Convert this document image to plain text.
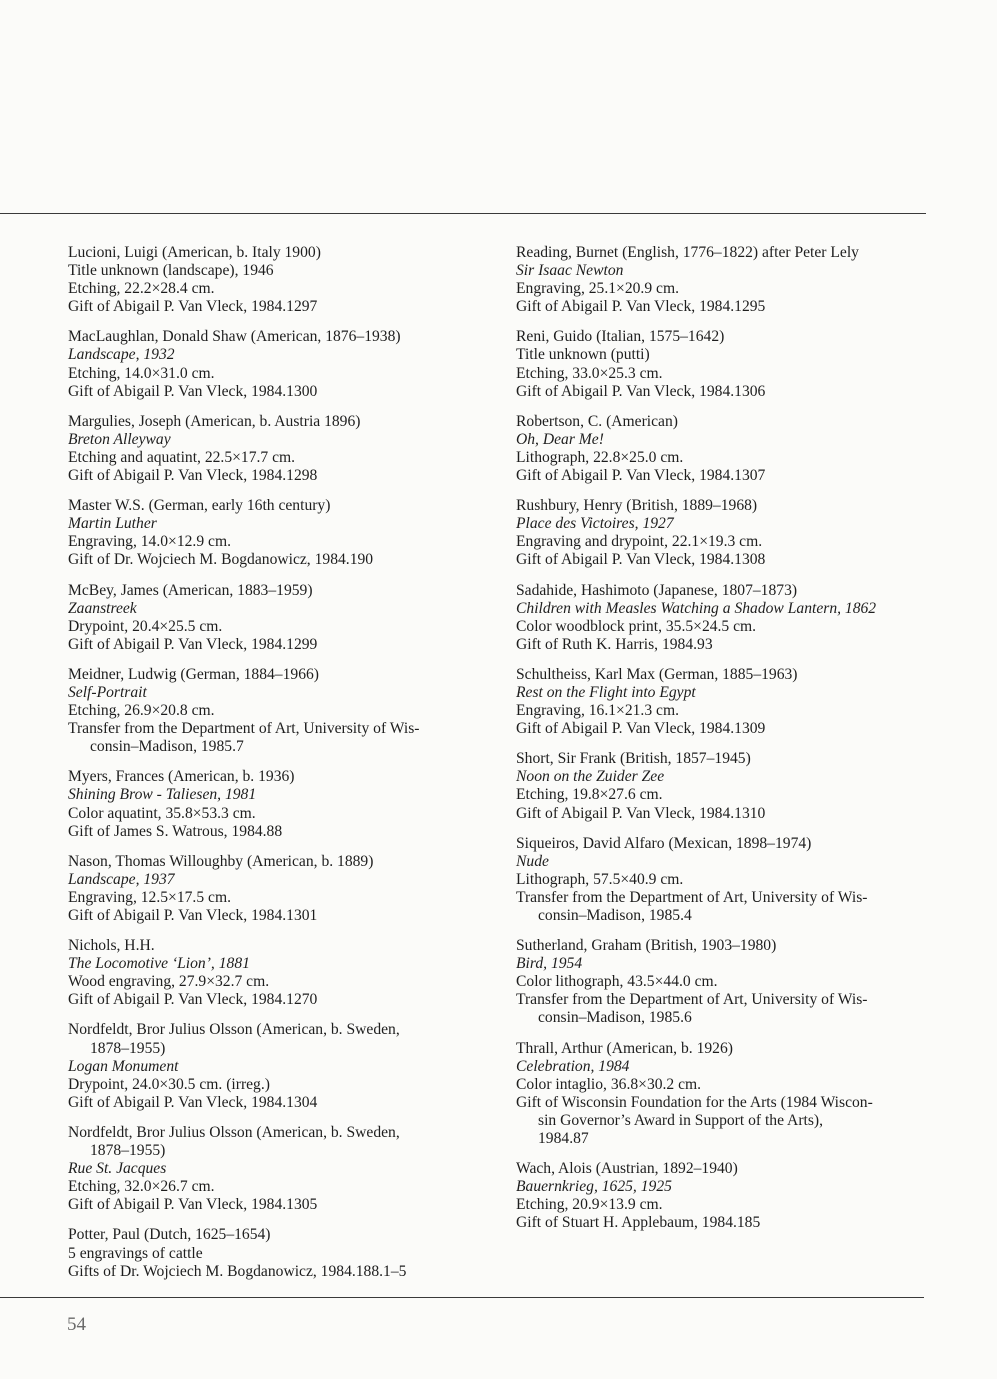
Lucioni, Luigi (American, b. Italy 1900)
Title unknown (landscape), 1946
Etching, 22.2×28.4 cm.
Gift of Abigail P. Van Vleck, 1984.1297
MacLaughlan, Donald Shaw (American, 1876–1938)
Landscape, 1932
Etching, 14.0×31.0 cm.
Gift of Abigail P. Van Vleck, 1984.1300
Margulies, Joseph (American, b. Austria 1896)
Breton Alleyway
Etching and aquatint, 22.5×17.7 cm.
Gift of Abigail P. Van Vleck, 1984.1298
Master W.S. (German, early 16th century)
Martin Luther
Engraving, 14.0×12.9 cm.
Gift of Dr. Wojciech M. Bogdanowicz, 1984.190
McBey, James (American, 1883–1959)
Zaanstreek
Drypoint, 20.4×25.5 cm.
Gift of Abigail P. Van Vleck, 1984.1299
Meidner, Ludwig (German, 1884–1966)
Self-Portrait
Etching, 26.9×20.8 cm.
Transfer from the Department of Art, University of Wis-
consin–Madison, 1985.7
Myers, Frances (American, b. 1936)
Shining Brow - Taliesen, 1981
Color aquatint, 35.8×53.3 cm.
Gift of James S. Watrous, 1984.88
Nason, Thomas Willoughby (American, b. 1889)
Landscape, 1937
Engraving, 12.5×17.5 cm.
Gift of Abigail P. Van Vleck, 1984.1301
Nichols, H.H.
The Locomotive ‘Lion’, 1881
Wood engraving, 27.9×32.7 cm.
Gift of Abigail P. Van Vleck, 1984.1270
Nordfeldt, Bror Julius Olsson (American, b. Sweden,
1878–1955)
Logan Monument
Drypoint, 24.0×30.5 cm. (irreg.)
Gift of Abigail P. Van Vleck, 1984.1304
Nordfeldt, Bror Julius Olsson (American, b. Sweden,
1878–1955)
Rue St. Jacques
Etching, 32.0×26.7 cm.
Gift of Abigail P. Van Vleck, 1984.1305
Potter, Paul (Dutch, 1625–1654)
5 engravings of cattle
Gifts of Dr. Wojciech M. Bogdanowicz, 1984.188.1–5
Reading, Burnet (English, 1776–1822) after Peter Lely
Sir Isaac Newton
Engraving, 25.1×20.9 cm.
Gift of Abigail P. Van Vleck, 1984.1295
Reni, Guido (Italian, 1575–1642)
Title unknown (putti)
Etching, 33.0×25.3 cm.
Gift of Abigail P. Van Vleck, 1984.1306
Robertson, C. (American)
Oh, Dear Me!
Lithograph, 22.8×25.0 cm.
Gift of Abigail P. Van Vleck, 1984.1307
Rushbury, Henry (British, 1889–1968)
Place des Victoires, 1927
Engraving and drypoint, 22.1×19.3 cm.
Gift of Abigail P. Van Vleck, 1984.1308
Sadahide, Hashimoto (Japanese, 1807–1873)
Children with Measles Watching a Shadow Lantern, 1862
Color woodblock print, 35.5×24.5 cm.
Gift of Ruth K. Harris, 1984.93
Schultheiss, Karl Max (German, 1885–1963)
Rest on the Flight into Egypt
Engraving, 16.1×21.3 cm.
Gift of Abigail P. Van Vleck, 1984.1309
Short, Sir Frank (British, 1857–1945)
Noon on the Zuider Zee
Etching, 19.8×27.6 cm.
Gift of Abigail P. Van Vleck, 1984.1310
Siqueiros, David Alfaro (Mexican, 1898–1974)
Nude
Lithograph, 57.5×40.9 cm.
Transfer from the Department of Art, University of Wis-
consin–Madison, 1985.4
Sutherland, Graham (British, 1903–1980)
Bird, 1954
Color lithograph, 43.5×44.0 cm.
Transfer from the Department of Art, University of Wis-
consin–Madison, 1985.6
Thrall, Arthur (American, b. 1926)
Celebration, 1984
Color intaglio, 36.8×30.2 cm.
Gift of Wisconsin Foundation for the Arts (1984 Wiscon-
sin Governor’s Award in Support of the Arts),
1984.87
Wach, Alois (Austrian, 1892–1940)
Bauernkrieg, 1625, 1925
Etching, 20.9×13.9 cm.
Gift of Stuart H. Applebaum, 1984.185
54
